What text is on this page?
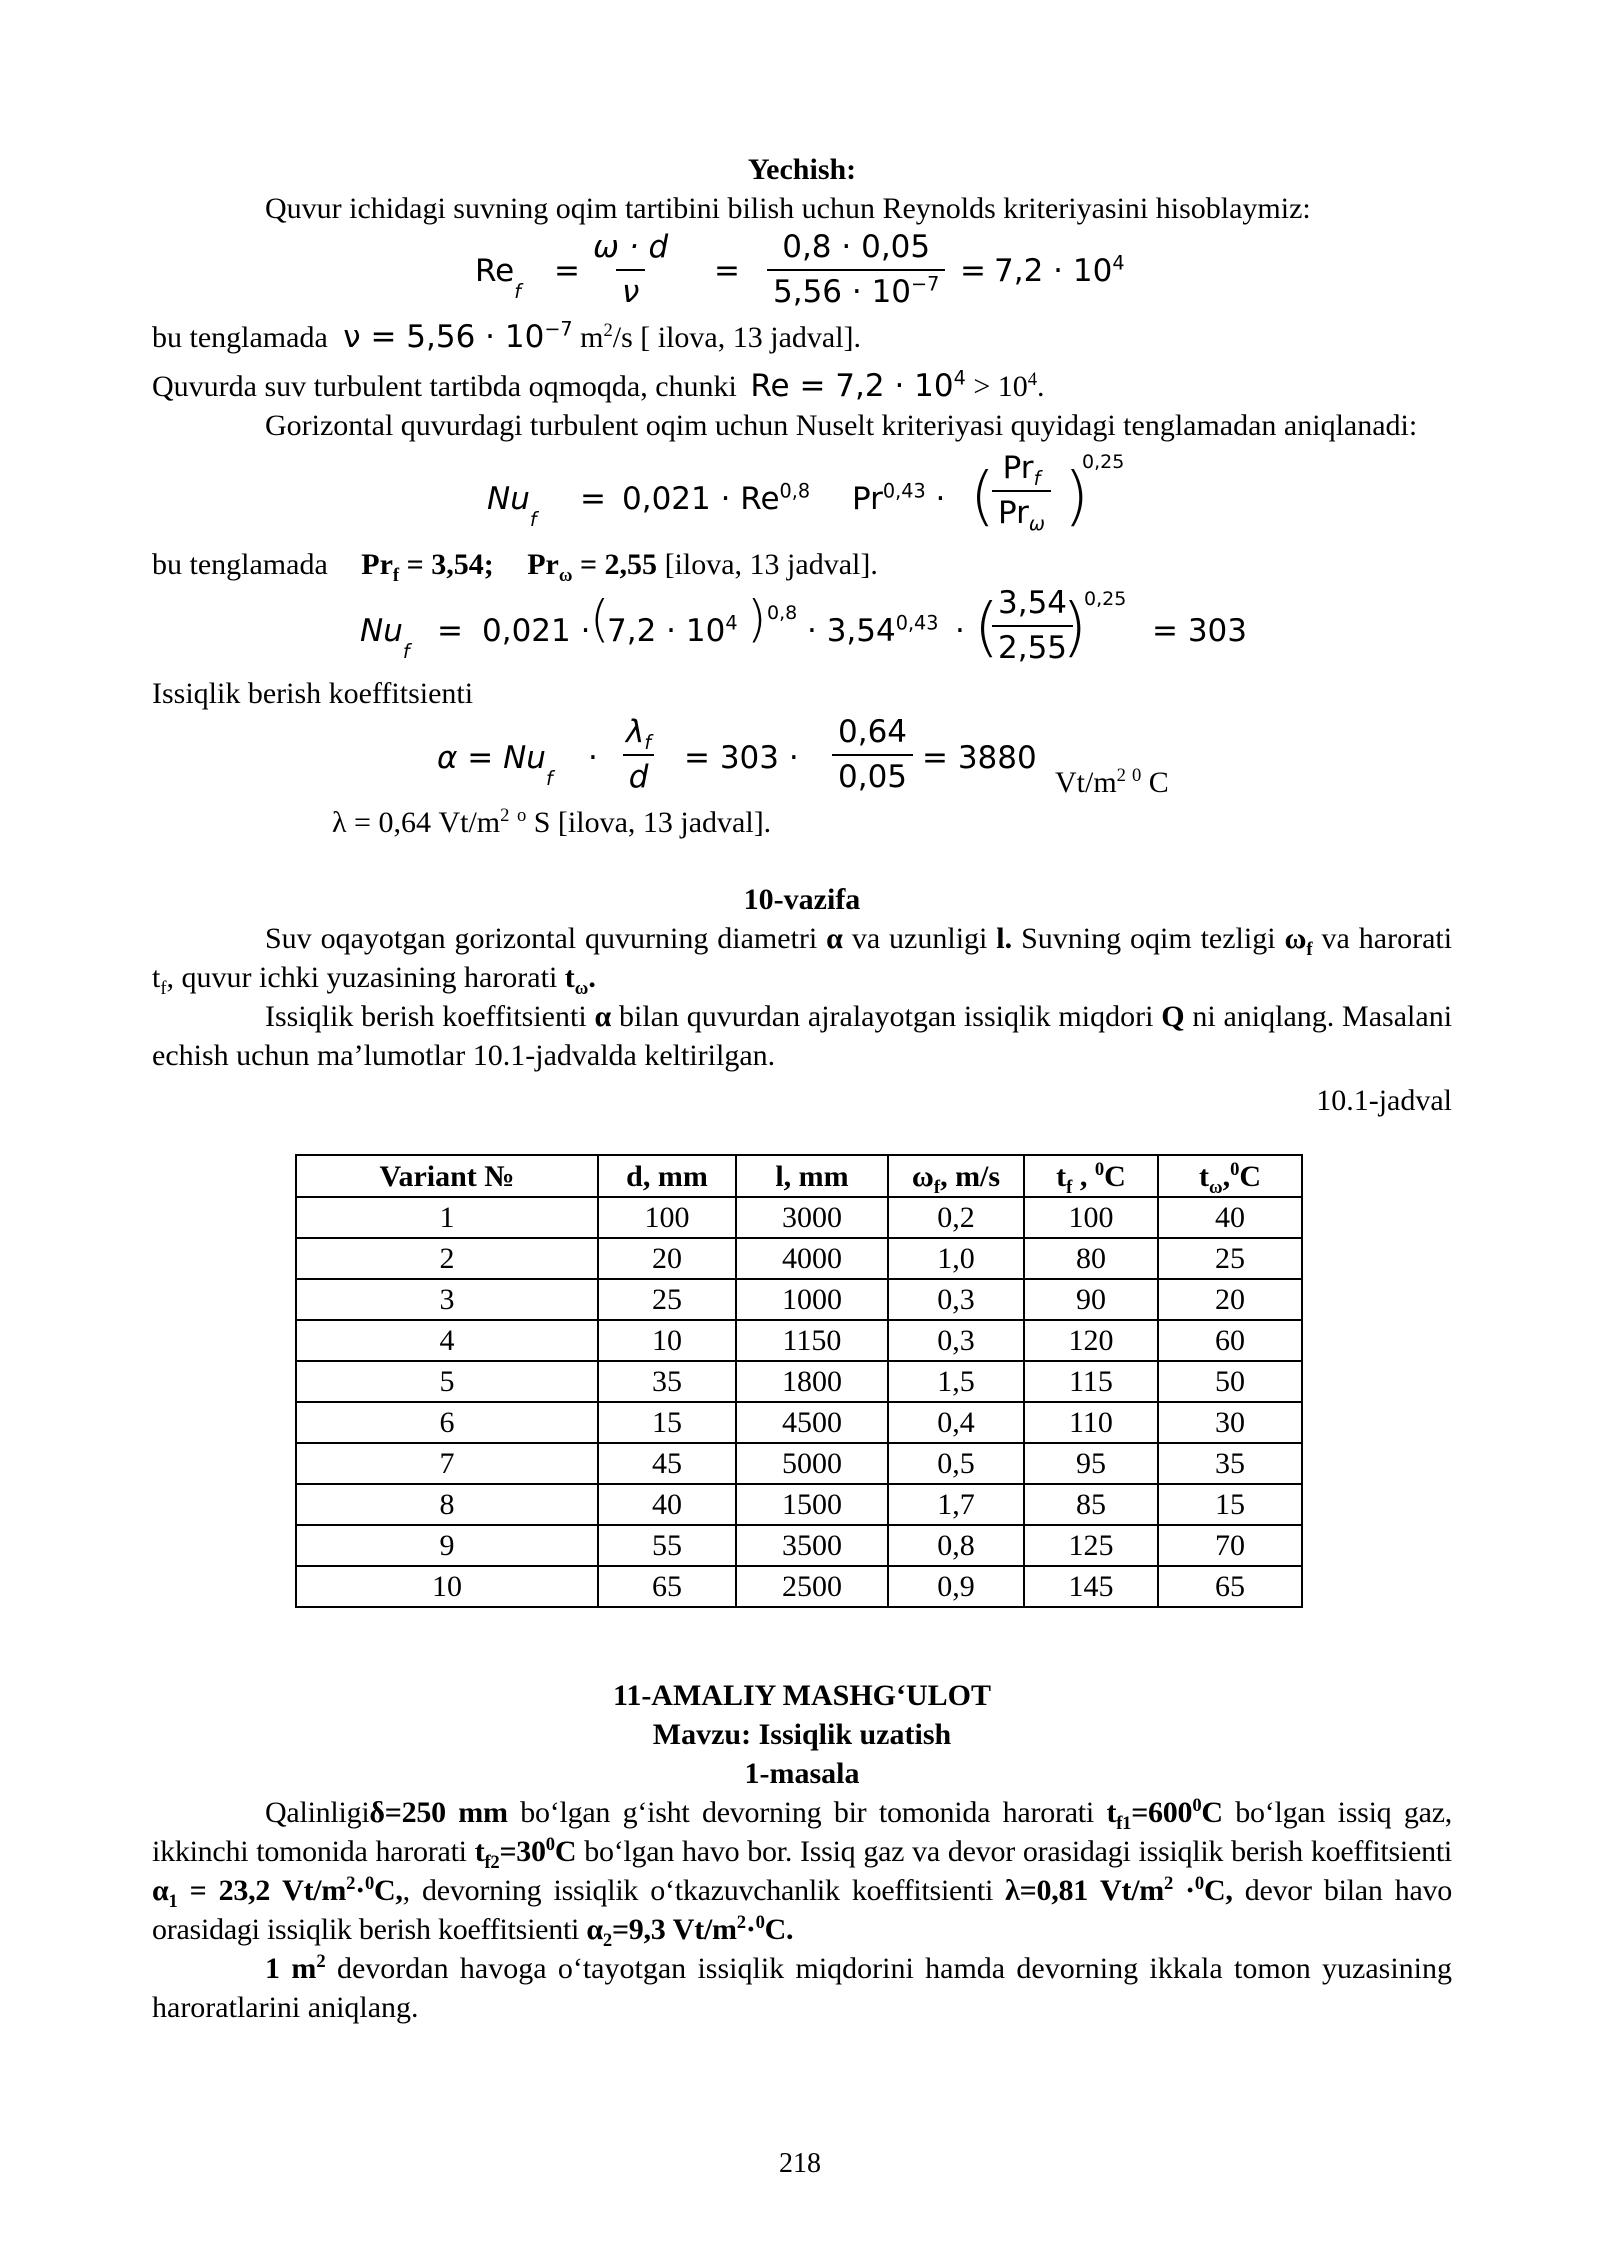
Yechish:

Quvur ichidagi suvning oqim tartibini bilish uchun Reynolds kriteriyasini hisoblaymiz:

$Re_f$
= $\frac{\omega \cdot d}{\nu} = \frac{0,8 \cdot 0,05}{5,56 \cdot 10^{-7}} = 7,2 \cdot 10^4$

bu tenglamada $\nu = 5,56 \cdot 10^{-7}$ $m^2/s$ [ ilova, 13 jadval].

Quvurda suv turbulent tartibda oqmoqda, chunki $Re = 7,2 \cdot 10^4 > 10^4$.

Gorizontal quvurdagi turbulent oqim uchun Nuselt kriteriyasi quyidagi tenglamadan aniqlanadi:

$Nu_f$
= 0,021 · Re$^{0,8}$ Pr$^{0,43}$ · ( $Pr_f$
$Pr_\omega$ )
0,25

bu tenglamada $Pr_f = 3,54$; $Pr_\omega = 2,55$ [ilova, 13 jadval].

$Nu_f$
= 0,021 · (
$7,2 \cdot 10^4$ ) $0,8 \cdot 3,54^{0,43}$ · (
$\frac{3,54}{2,55}$
)
0,25
= 303

Issiqlik berish koeffitsienti

$\alpha = Nu_f$
· $\frac{\lambda_f}{d} = 303 \cdot \frac{0,64}{0,05} = 3880$
$Vt/m^2$ $^0$ C

λ = 0,64 $Vt/m^2$ $^o$ S [ilova, 13 jadval].

10-vazifa

Suv oqayotgan gorizontal quvurning diametri α va uzunligi l. Suvning oqim tezligi $\omega_f$ va harorati $t_f$, quvur ichki yuzasining harorati $t_\omega$.

Issiqlik berish koeffitsienti α bilan quvurdan ajralayotgan issiqlik miqdori Q ni aniqlang. Masalani echish uchun ma’lumotlar 10.1-jadvalda keltirilgan.

10.1-jadval

Variant №	d, mm	l, mm	$\omega_f$, m/s	$t_f$ , $^0$C	$t_\omega,^0C$
1	100	3000	0,2	100	40
2	20	4000	1,0	80	25
3	25	1000	0,3	90	20
4	10	1150	0,3	120	60
5	35	1800	1,5	115	50
6	15	4500	0,4	110	30
7	45	5000	0,5	95	35
8	40	1500	1,7	85	15
9	55	3500	0,8	125	70
10	65	2500	0,9	145	65
11-AMALIY MASHG‘ULOT
Mavzu: Issiqlik uzatish
1-masala

Qalinligiδ=250 mm bo‘lgan g‘isht devorning bir tomonida harorati $t_{f1}=600^0C$ bo‘lgan issiq gaz, ikkinchi tomonida harorati $t_{f2}=30^0C$ bo‘lgan havo bor. Issiq gaz va devor orasidagi issiqlik berish koeffitsienti $\alpha_1 = 23,2$ $Vt/m^2\cdot^0C$,, devorning issiqlik o‘tkazuvchanlik koeffitsienti λ=0,81 $Vt/m^2 \cdot^0C$, devor bilan havo orasidagi issiqlik berish koeffitsienti $\alpha_2=9,3$ $Vt/m^2\cdot^0C$.

1 $m^2$ devordan havoga o‘tayotgan issiqlik miqdorini hamda devorning ikkala tomon yuzasining haroratlarini aniqlang.

218
